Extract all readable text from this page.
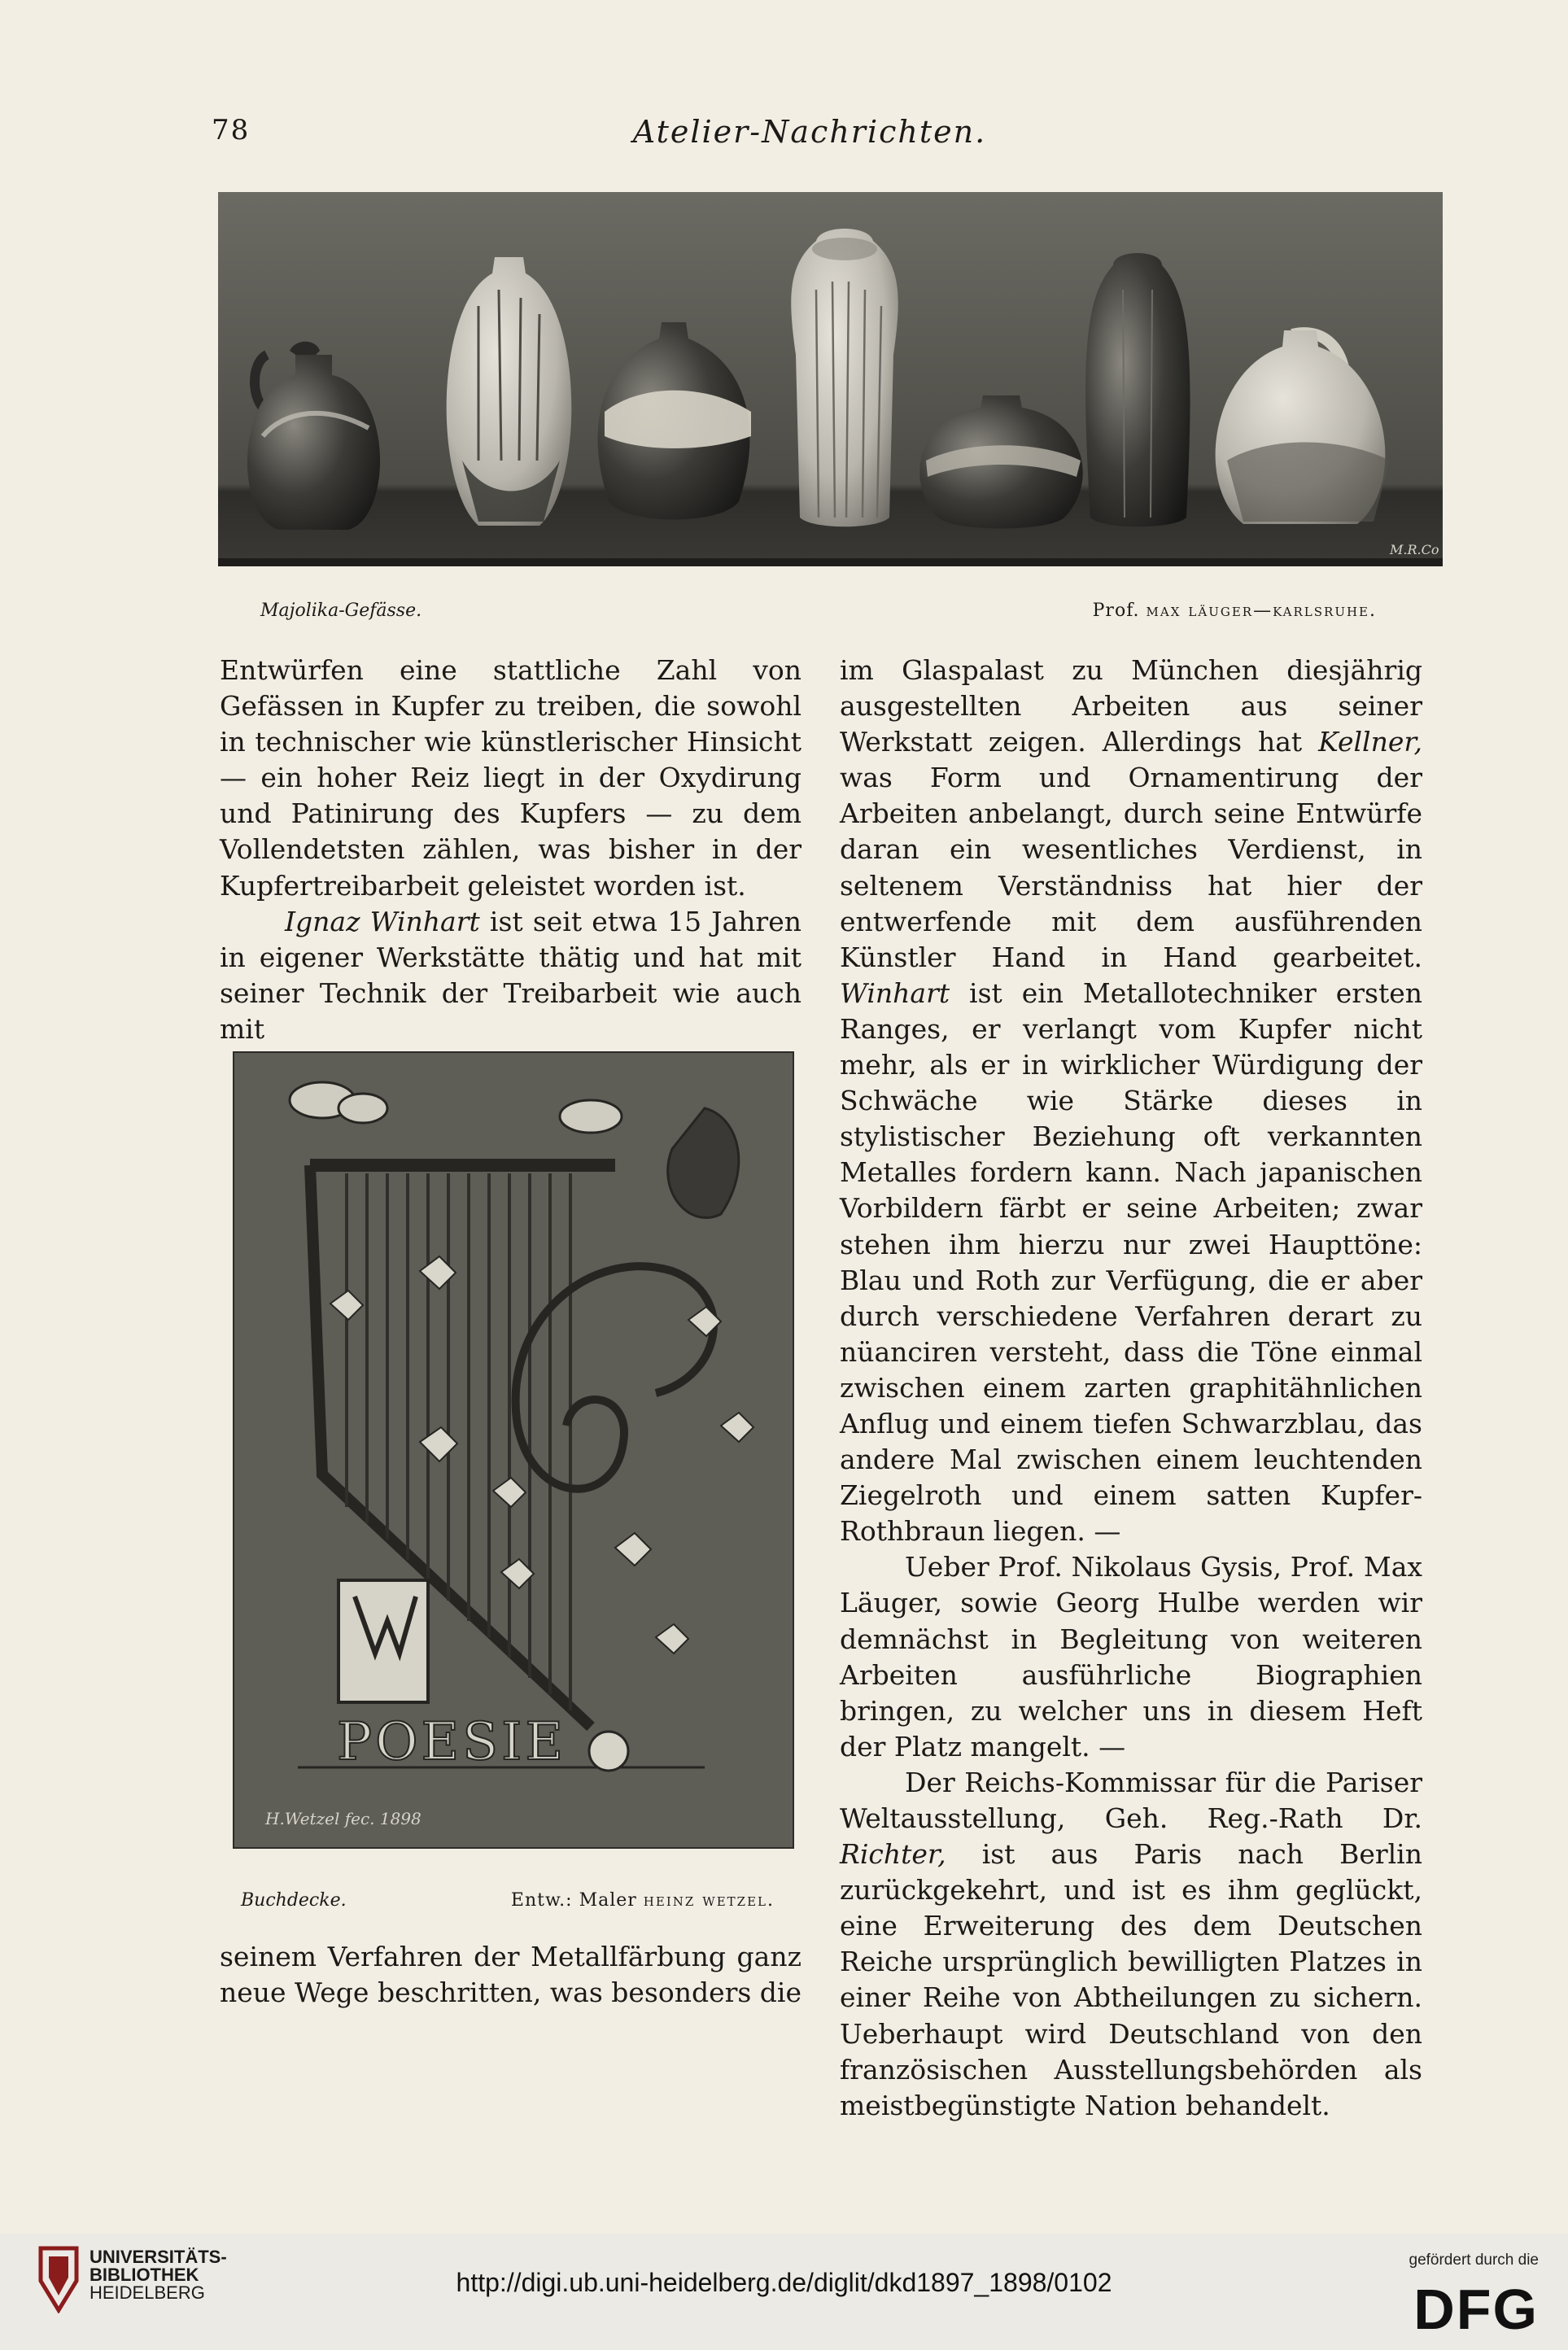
78	Atelier-Nachrichten.
M.R.Co
Majolika-Gefässe.	Prof. max läuger—karlsruhe.

Entwürfen eine stattliche Zahl von Gefässen in Kupfer zu treiben, die sowohl in technischer wie künstlerischer Hinsicht — ein hoher Reiz liegt in der Oxydirung und Patinirung des Kupfers — zu dem Vollendetsten zählen, was bisher in der Kupfertreibarbeit geleistet worden ist.

Ignaz Winhart ist seit etwa 15 Jahren in eigener Werkstätte thätig und hat mit seiner Technik der Treibarbeit wie auch mit

POESIE
H.Wetzel fec. 1898
Buchdecke.	Entw.: Maler heinz wetzel.

seinem Verfahren der Metallfärbung ganz neue Wege beschritten, was besonders die

im Glaspalast zu München diesjährig ausgestellten Arbeiten aus seiner Werkstatt zeigen. Allerdings hat Kellner, was Form und Ornamentirung der Arbeiten anbelangt, durch seine Entwürfe daran ein wesentliches Verdienst, in seltenem Verständniss hat hier der entwerfende mit dem ausführenden Künstler Hand in Hand gearbeitet. Winhart ist ein Metallotechniker ersten Ranges, er verlangt vom Kupfer nicht mehr, als er in wirklicher Würdigung der Schwäche wie Stärke dieses in stylistischer Beziehung oft verkannten Metalles fordern kann. Nach japanischen Vorbildern färbt er seine Arbeiten; zwar stehen ihm hierzu nur zwei Haupttöne: Blau und Roth zur Verfügung, die er aber durch verschiedene Verfahren derart zu nüanciren versteht, dass die Töne einmal zwischen einem zarten graphitähnlichen Anflug und einem tiefen Schwarzblau, das andere Mal zwischen einem leuchtenden Ziegelroth und einem satten Kupfer-Rothbraun liegen. —

Ueber Prof. Nikolaus Gysis, Prof. Max Läuger, sowie Georg Hulbe werden wir demnächst in Begleitung von weiteren Arbeiten ausführliche Biographien bringen, zu welcher uns in diesem Heft der Platz mangelt. —

Der Reichs-Kommissar für die Pariser Weltausstellung, Geh. Reg.-Rath Dr. Richter, ist aus Paris nach Berlin zurückgekehrt, und ist es ihm geglückt, eine Erweiterung des dem Deutschen Reiche ursprünglich bewilligten Platzes in einer Reihe von Abtheilungen zu sichern. Ueberhaupt wird Deutschland von den französischen Ausstellungsbehörden als meistbegünstigte Nation behandelt.

UNIVERSITÄTS-
BIBLIOTHEK
HEIDELBERG	http://digi.ub.uni-heidelberg.de/diglit/dkd1897_1898/0102
gefördert durch die
DFG
